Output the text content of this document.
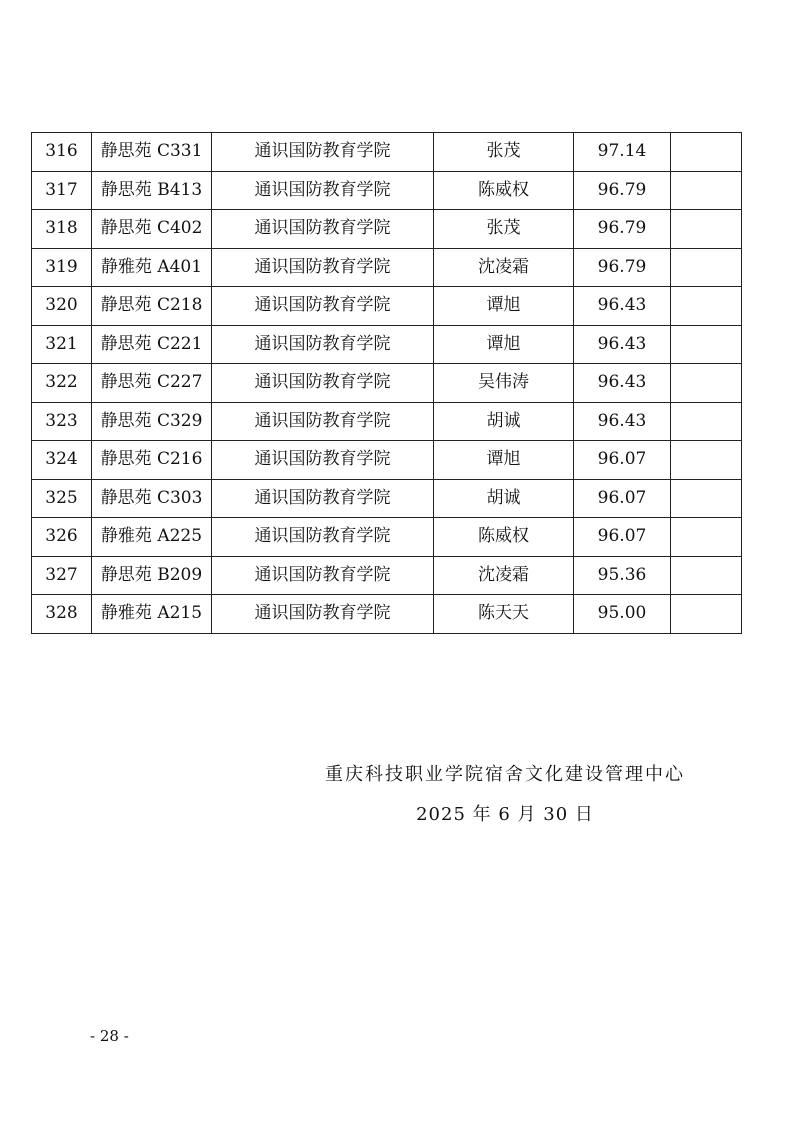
316	静思苑 C331	通识国防教育学院	张茂	97.14	
317	静思苑 B413	通识国防教育学院	陈威权	96.79	
318	静思苑 C402	通识国防教育学院	张茂	96.79	
319	静雅苑 A401	通识国防教育学院	沈凌霜	96.79	
320	静思苑 C218	通识国防教育学院	谭旭	96.43	
321	静思苑 C221	通识国防教育学院	谭旭	96.43	
322	静思苑 C227	通识国防教育学院	吴伟涛	96.43	
323	静思苑 C329	通识国防教育学院	胡诚	96.43	
324	静思苑 C216	通识国防教育学院	谭旭	96.07	
325	静思苑 C303	通识国防教育学院	胡诚	96.07	
326	静雅苑 A225	通识国防教育学院	陈威权	96.07	
327	静思苑 B209	通识国防教育学院	沈凌霜	95.36	
328	静雅苑 A215	通识国防教育学院	陈天天	95.00	
重庆科技职业学院宿舍文化建设管理中心
2025 年 6 月 30 日
- 28 -
